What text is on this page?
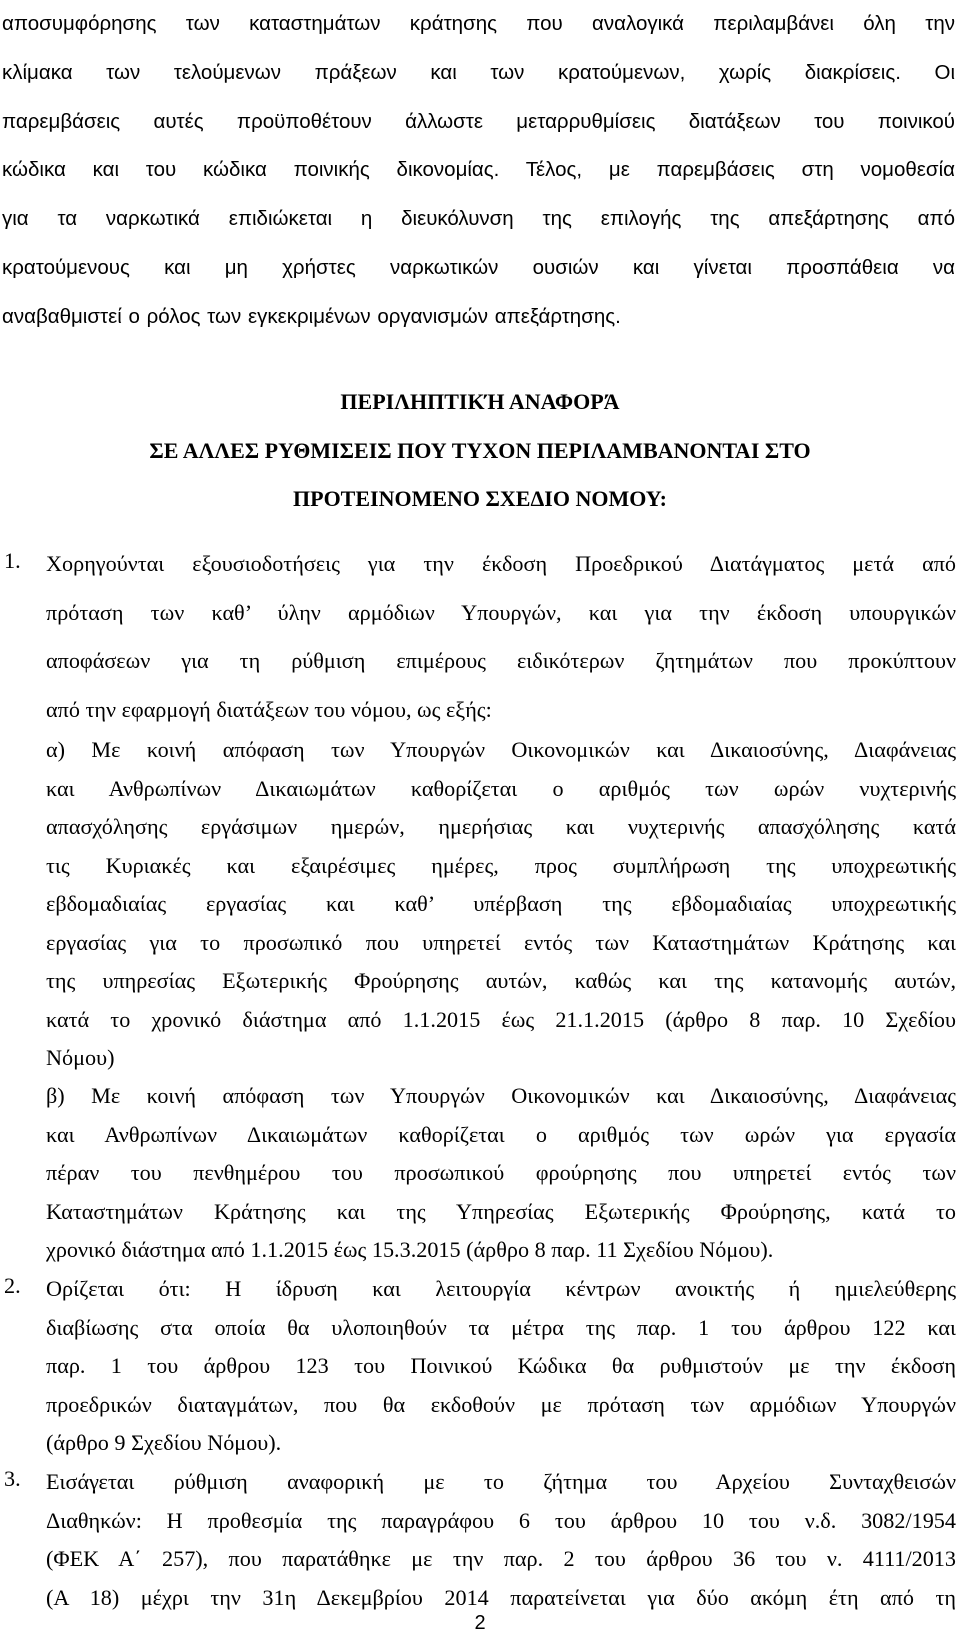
αποσυμφόρησης των καταστημάτων κράτησης που αναλογικά περιλαμβάνει όλη την
κλίμακα των τελούμενων πράξεων και των κρατούμενων, χωρίς διακρίσεις. Οι
παρεμβάσεις αυτές προϋποθέτουν άλλωστε μεταρρυθμίσεις διατάξεων του ποινικού
κώδικα και του κώδικα ποινικής δικονομίας. Τέλος, με παρεμβάσεις στη νομοθεσία
για τα ναρκωτικά επιδιώκεται η διευκόλυνση της επιλογής της απεξάρτησης από
κρατούμενους και μη χρήστες ναρκωτικών ουσιών και γίνεται προσπάθεια να
αναβαθμιστεί ο ρόλος των εγκεκριμένων οργανισμών απεξάρτησης.
ΠΕΡΙΛΗΠΤΙΚΉ ΑΝΑΦΟΡΆ
ΣΕ ΑΛΛΕΣ ΡΥΘΜΙΣΕΙΣ ΠΟΥ ΤΥΧΟΝ ΠΕΡΙΛΑΜΒΑΝΟΝΤΑΙ ΣΤΟ
ΠΡΟΤΕΙΝΟΜΕΝΟ ΣΧΕΔΙΟ ΝΟΜΟΥ:
1. Χορηγούνται εξουσιοδοτήσεις για την έκδοση Προεδρικού Διατάγματος μετά από
πρόταση των καθ’ ύλην αρμόδιων Υπουργών, και για την έκδοση υπουργικών
αποφάσεων για τη ρύθμιση επιμέρους ειδικότερων ζητημάτων που προκύπτουν
από την εφαρμογή διατάξεων του νόμου, ως εξής:
α) Με κοινή απόφαση των Υπουργών Οικονομικών και Δικαιοσύνης, Διαφάνειας
και Ανθρωπίνων Δικαιωμάτων καθορίζεται ο αριθμός των ωρών νυχτερινής
απασχόλησης εργάσιμων ημερών, ημερήσιας και νυχτερινής απασχόλησης κατά
τις Κυριακές και εξαιρέσιμες ημέρες, προς συμπλήρωση της υποχρεωτικής
εβδομαδιαίας εργασίας και καθ’ υπέρβαση της εβδομαδιαίας υποχρεωτικής
εργασίας για το προσωπικό που υπηρετεί εντός των Καταστημάτων Κράτησης και
της υπηρεσίας Εξωτερικής Φρούρησης αυτών, καθώς και της κατανομής αυτών,
κατά το χρονικό διάστημα από 1.1.2015 έως 21.1.2015 (άρθρο 8 παρ. 10 Σχεδίου
Νόμου)
β) Με κοινή απόφαση των Υπουργών Οικονομικών και Δικαιοσύνης, Διαφάνειας
και Ανθρωπίνων Δικαιωμάτων καθορίζεται ο αριθμός των ωρών για εργασία
πέραν του πενθημέρου του προσωπικού φρούρησης που υπηρετεί εντός των
Καταστημάτων Κράτησης και της Υπηρεσίας Εξωτερικής Φρούρησης, κατά το
χρονικό διάστημα από 1.1.2015 έως 15.3.2015 (άρθρο 8 παρ. 11 Σχεδίου Νόμου).
2. Ορίζεται ότι: Η ίδρυση και λειτουργία κέντρων ανοικτής ή ημιελεύθερης
διαβίωσης στα οποία θα υλοποιηθούν τα μέτρα της παρ. 1 του άρθρου 122 και
παρ. 1 του άρθρου 123 του Ποινικού Κώδικα θα ρυθμιστούν με την έκδοση
προεδρικών διαταγμάτων, που θα εκδοθούν με πρόταση των αρμόδιων Υπουργών
(άρθρο 9 Σχεδίου Νόμου).
3. Εισάγεται ρύθμιση αναφορική με το ζήτημα του Αρχείου Συνταχθεισών
Διαθηκών: Η προθεσμία της παραγράφου 6 του άρθρου 10 του ν.δ. 3082/1954
(ΦΕΚ Α΄ 257), που παρατάθηκε με την παρ. 2 του άρθρου 36 του ν. 4111/2013
(Α 18) μέχρι την 31η Δεκεμβρίου 2014 παρατείνεται για δύο ακόμη έτη από τη
2
